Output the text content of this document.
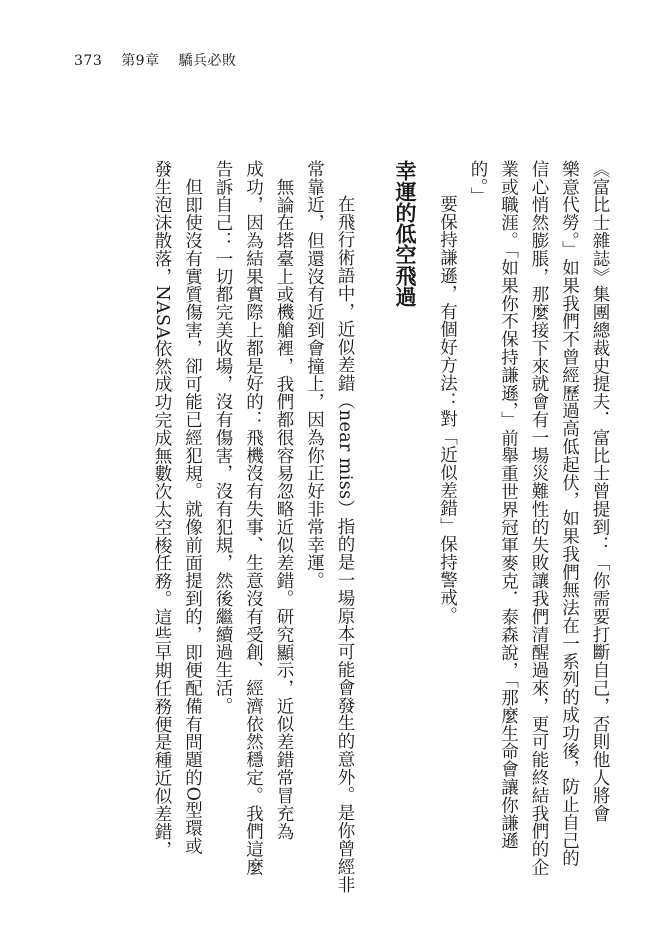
373 第9章 驕兵必敗

《富比士雜誌》集團總裁史提夫．富比士曾提到：「你需要打斷自己，否則他人將會

樂意代勞。」如果我們不曾經歷過高低起伏，如果我們無法在一系列的成功後，防止自己的

信心悄然膨脹，那麼接下來就會有一場災難性的失敗讓我們清醒過來，更可能終結我們的企

業或職涯。「如果你不保持謙遜，」前舉重世界冠軍麥克．泰森說，「那麼生命會讓你謙遜

的。」

要保持謙遜，有個好方法：對「近似差錯」保持警戒。

幸運的低空飛過

在飛行術語中，近似差錯（near miss）指的是一場原本可能會發生的意外。是你曾經非

常靠近，但還沒有近到會撞上，因為你正好非常幸運。

無論在塔臺上或機艙裡，我們都很容易忽略近似差錯。研究顯示，近似差錯常冒充為

成功，因為結果實際上都是好的：飛機沒有失事、生意沒有受創、經濟依然穩定。我們這麼

告訴自己：一切都完美收場，沒有傷害，沒有犯規，然後繼續過生活。

但即使沒有實質傷害，卻可能已經犯規。就像前面提到的，即便配備有問題的O型環或

發生泡沫散落，NASA依然成功完成無數次太空梭任務。這些早期任務便是種近似差錯，
